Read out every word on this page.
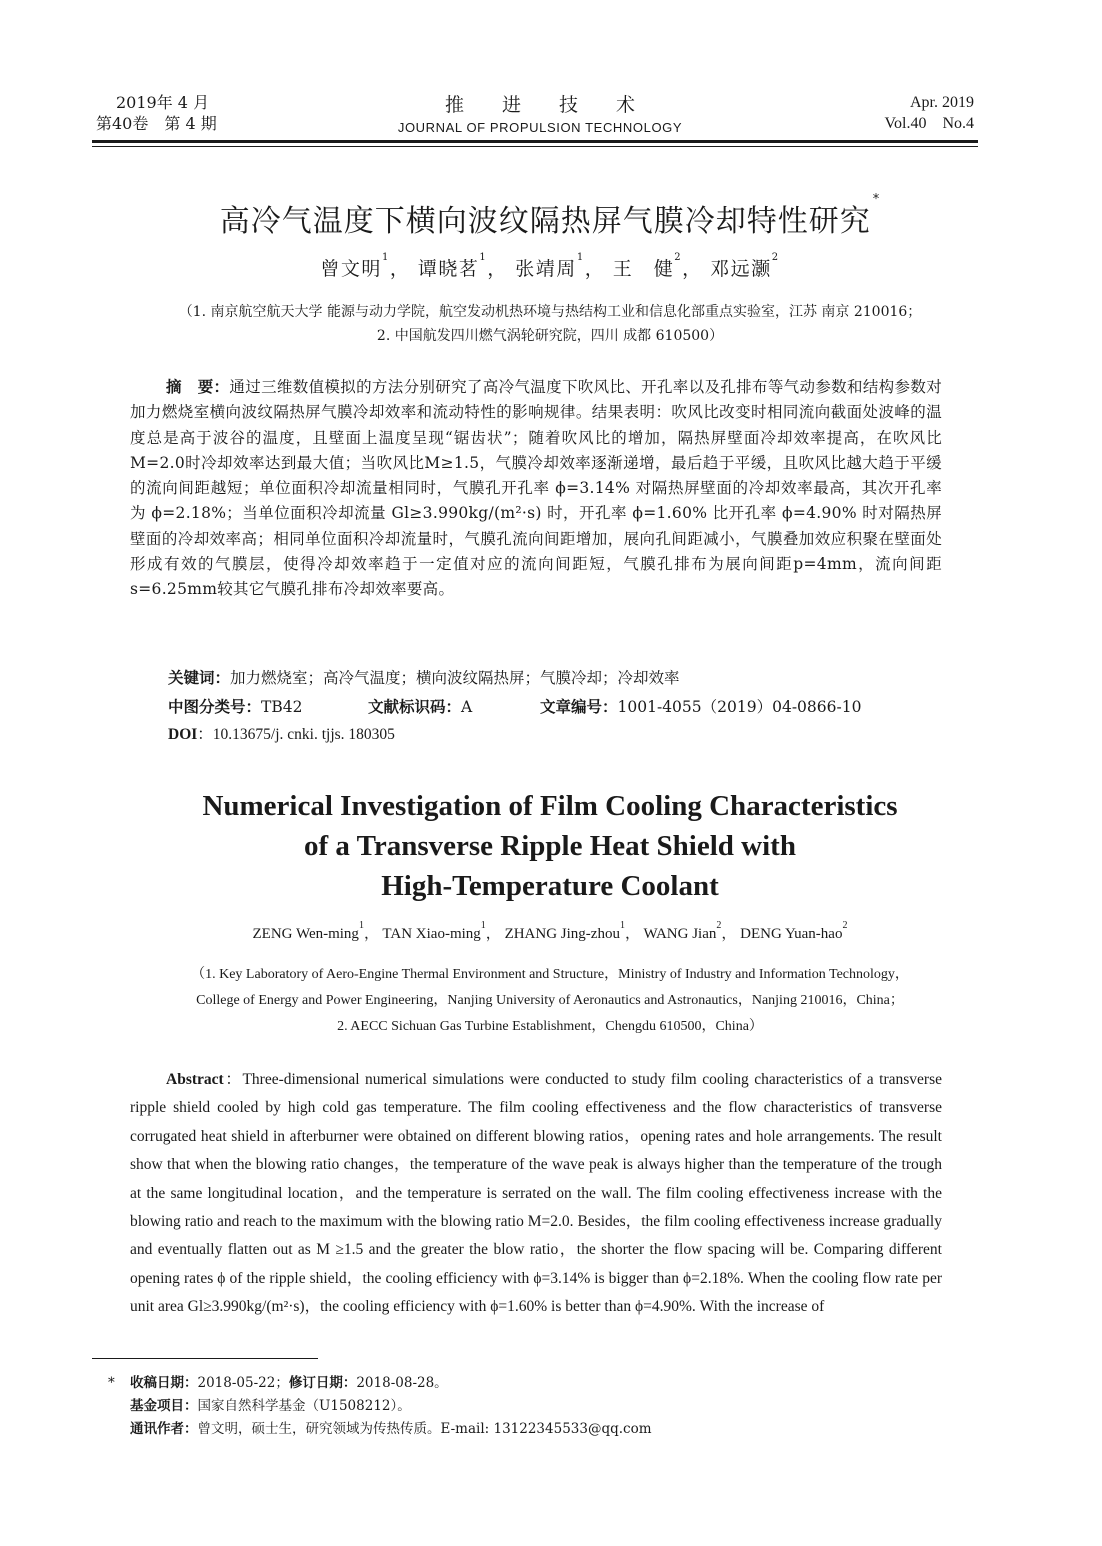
2019年 4 月
第40卷　第 4 期
推 进 技 术
JOURNAL OF PROPULSION TECHNOLOGY
Apr. 2019
Vol.40　No.4
高冷气温度下横向波纹隔热屏气膜冷却特性研究*
曾文明$^1$， 谭晓茗$^1$， 张靖周$^1$， 王　健$^2$， 邓远灏$^2$
（1. 南京航空航天大学 能源与动力学院，航空发动机热环境与热结构工业和信息化部重点实验室，江苏 南京 210016；
2. 中国航发四川燃气涡轮研究院，四川 成都 610500）
摘　要：通过三维数值模拟的方法分别研究了高冷气温度下吹风比、开孔率以及孔排布等气动参数和结构参数对加力燃烧室横向波纹隔热屏气膜冷却效率和流动特性的影响规律。结果表明：吹风比改变时相同流向截面处波峰的温度总是高于波谷的温度，且壁面上温度呈现“锯齿状”；随着吹风比的增加，隔热屏壁面冷却效率提高，在吹风比M=2.0时冷却效率达到最大值；当吹风比M≥1.5，气膜冷却效率逐渐递增，最后趋于平缓，且吹风比越大趋于平缓的流向间距越短；单位面积冷却流量相同时，气膜孔开孔率 ϕ=3.14% 对隔热屏壁面的冷却效率最高，其次开孔率为 ϕ=2.18%；当单位面积冷却流量 Gl≥3.990kg/(m²·s) 时，开孔率 ϕ=1.60% 比开孔率 ϕ=4.90% 时对隔热屏壁面的冷却效率高；相同单位面积冷却流量时，气膜孔流向间距增加，展向孔间距减小，气膜叠加效应积聚在壁面处形成有效的气膜层，使得冷却效率趋于一定值对应的流向间距短，气膜孔排布为展向间距p=4mm，流向间距s=6.25mm较其它气膜孔排布冷却效率要高。
关键词：加力燃烧室；高冷气温度；横向波纹隔热屏；气膜冷却；冷却效率
中图分类号：TB42	文献标识码：A	文章编号：1001-4055（2019）04-0866-10
DOI：10.13675/j. cnki. tjjs. 180305
Numerical Investigation of Film Cooling Characteristics
of a Transverse Ripple Heat Shield with
High-Temperature Coolant
ZENG Wen-ming$^1$， TAN Xiao-ming$^1$， ZHANG Jing-zhou$^1$， WANG Jian$^2$， DENG Yuan-hao$^2$
（1. Key Laboratory of Aero-Engine Thermal Environment and Structure，Ministry of Industry and Information Technology，
College of Energy and Power Engineering，Nanjing University of Aeronautics and Astronautics，Nanjing 210016，China；
2. AECC Sichuan Gas Turbine Establishment，Chengdu 610500，China）
Abstract：Three-dimensional numerical simulations were conducted to study film cooling characteristics of a transverse ripple shield cooled by high cold gas temperature. The film cooling effectiveness and the flow characteristics of transverse corrugated heat shield in afterburner were obtained on different blowing ratios，opening rates and hole arrangements. The result show that when the blowing ratio changes，the temperature of the wave peak is always higher than the temperature of the trough at the same longitudinal location，and the temperature is serrated on the wall. The film cooling effectiveness increase with the blowing ratio and reach to the maximum with the blowing ratio M=2.0. Besides，the film cooling effectiveness increase gradually and eventually flatten out as M ≥1.5 and the greater the blow ratio，the shorter the flow spacing will be. Comparing different opening rates ϕ of the ripple shield，the cooling efficiency with ϕ=3.14% is bigger than ϕ=2.18%. When the cooling flow rate per unit area Gl≥3.990kg/(m²·s)，the cooling efficiency with ϕ=1.60% is better than ϕ=4.90%. With the increase of
* 收稿日期：2018-05-22；修订日期：2018-08-28。
基金项目：国家自然科学基金（U1508212）。
通讯作者：曾文明，硕士生，研究领域为传热传质。E-mail: 13122345533@qq.com
